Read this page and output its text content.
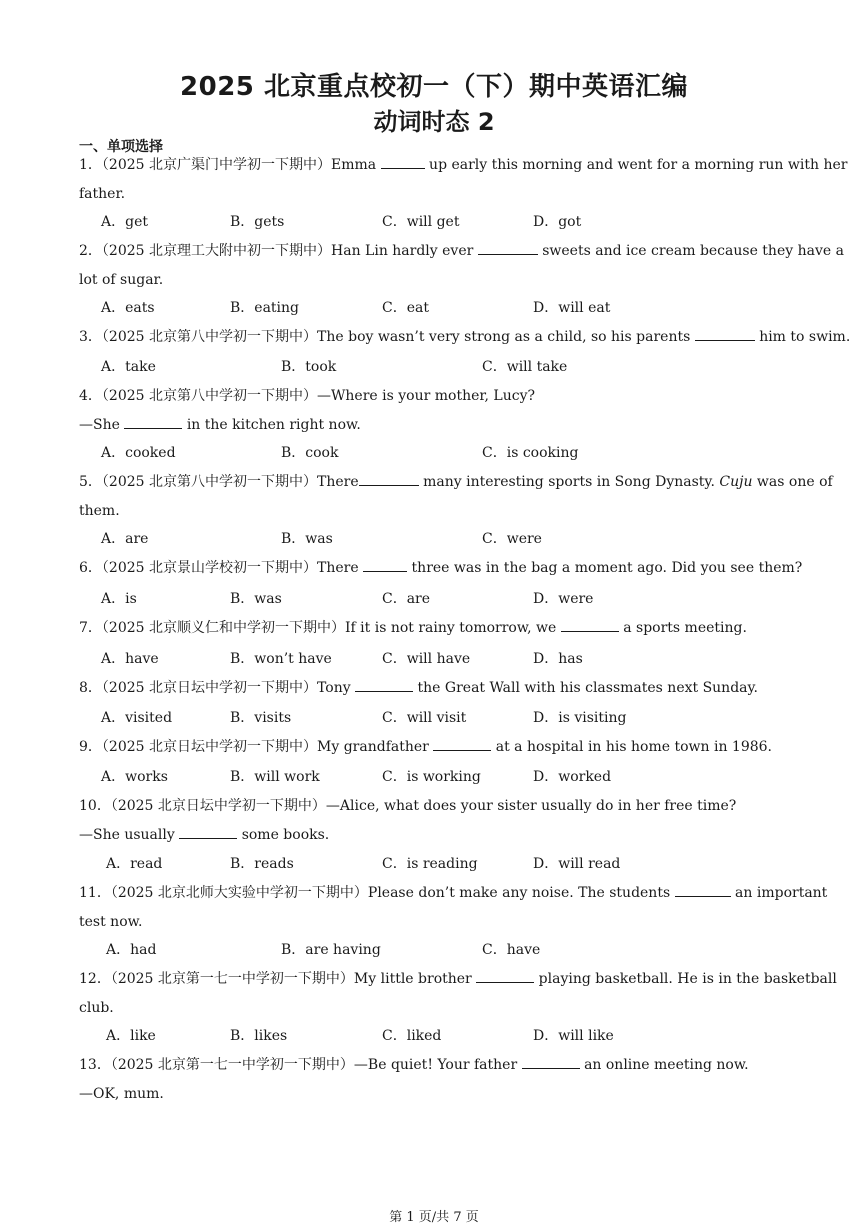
2025 北京重点校初一（下）期中英语汇编
动词时态 2
一、单项选择
1．（2025 北京广渠门中学初一下期中）Emma	up early this morning and went for a morning run with her
father.
A．get	B．gets	C．will get	D．got
2．（2025 北京理工大附中初一下期中）Han Lin hardly ever	sweets and ice cream because they have a
lot of sugar.
A．eats	B．eating	C．eat	D．will eat
3．（2025 北京第八中学初一下期中）The boy wasn’t very strong as a child, so his parents	him to swim.
A．take	B．took	C．will take
4．（2025 北京第八中学初一下期中）—Where is your mother, Lucy?
—She	in the kitchen right now.
A．cooked	B．cook	C．is cooking
5．（2025 北京第八中学初一下期中）There	many interesting sports in Song Dynasty. Cuju was one of
them.
A．are	B．was	C．were
6．（2025 北京景山学校初一下期中）There	three was in the bag a moment ago. Did you see them?
A．is	B．was	C．are	D．were
7．（2025 北京顺义仁和中学初一下期中）If it is not rainy tomorrow, we	a sports meeting.
A．have	B．won’t have	C．will have	D．has
8．（2025 北京日坛中学初一下期中）Tony	the Great Wall with his classmates next Sunday.
A．visited	B．visits	C．will visit	D．is visiting
9．（2025 北京日坛中学初一下期中）My grandfather	at a hospital in his home town in 1986.
A．works	B．will work	C．is working	D．worked
10．（2025 北京日坛中学初一下期中）—Alice, what does your sister usually do in her free time?
—She usually	some books.
A．read	B．reads	C．is reading	D．will read
11．（2025 北京北师大实验中学初一下期中）Please don’t make any noise. The students	an important
test now.
A．had	B．are having	C．have
12．（2025 北京第一七一中学初一下期中）My little brother	playing basketball. He is in the basketball
club.
A．like	B．likes	C．liked	D．will like
13．（2025 北京第一七一中学初一下期中）—Be quiet! Your father	an online meeting now.
—OK, mum.
第 1 页/共 7 页
